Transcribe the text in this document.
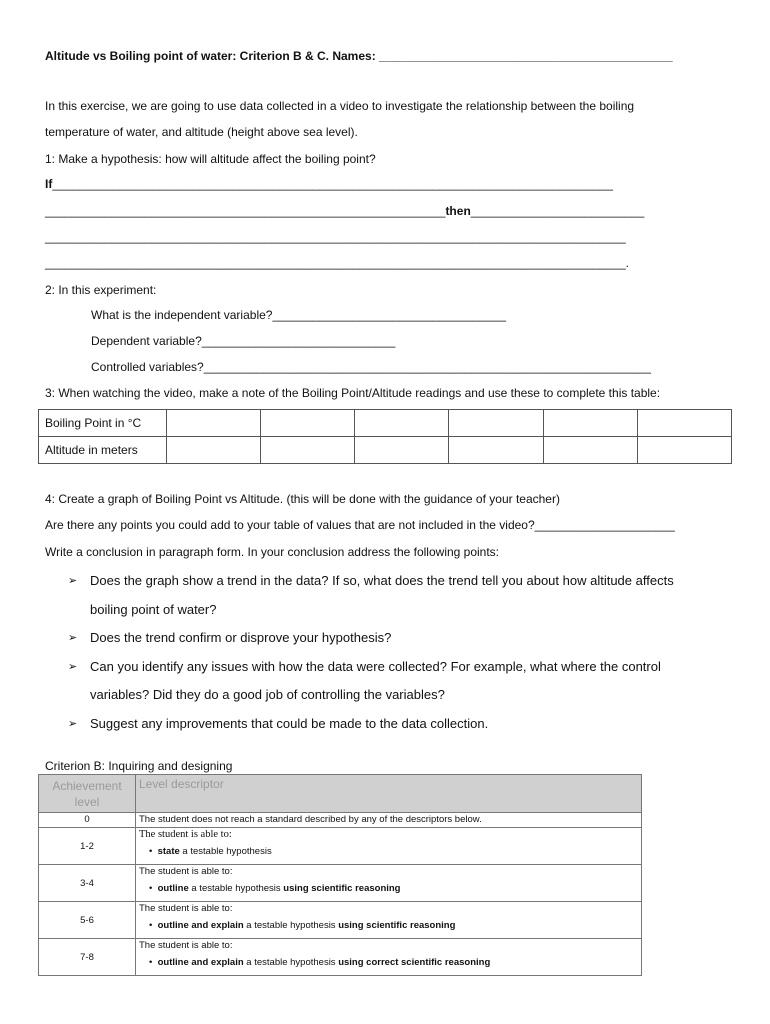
Altitude vs Boiling point of water: Criterion B & C. Names: ____________________________________________
In this exercise, we are going to use data collected in a video to investigate the relationship between the boiling
temperature of water, and altitude (height above sea level).
1: Make a hypothesis: how will altitude affect the boiling point?
If____________________________________________________________________________________
____________________________________________________________then__________________________
_______________________________________________________________________________________
_______________________________________________________________________________________.
2: In this experiment:
What is the independent variable?___________________________________
Dependent variable?_____________________________
Controlled variables?___________________________________________________________________
3: When watching the video, make a note of the Boiling Point/Altitude readings and use these to complete this table:
Boiling Point in °C						
Altitude in meters						
4: Create a graph of Boiling Point vs Altitude. (this will be done with the guidance of your teacher)
Are there any points you could add to your table of values that are not included in the video?_____________________
Write a conclusion in paragraph form. In your conclusion address the following points:
➢ Does the graph show a trend in the data? If so, what does the trend tell you about how altitude affects
boiling point of water?
➢ Does the trend confirm or disprove your hypothesis?
➢ Can you identify any issues with how the data were collected? For example, what where the control
variables? Did they do a good job of controlling the variables?
➢ Suggest any improvements that could be made to the data collection.
Criterion B: Inquiring and designing
Achievement level	Level descriptor
0	The student does not reach a standard described by any of the descriptors below.
1-2	The student is able to:
• state a testable hypothesis

3-4	The student is able to:
• outline a testable hypothesis using scientific reasoning

5-6	The student is able to:
• outline and explain a testable hypothesis using scientific reasoning

7-8	The student is able to:
• outline and explain a testable hypothesis using correct scientific reasoning
